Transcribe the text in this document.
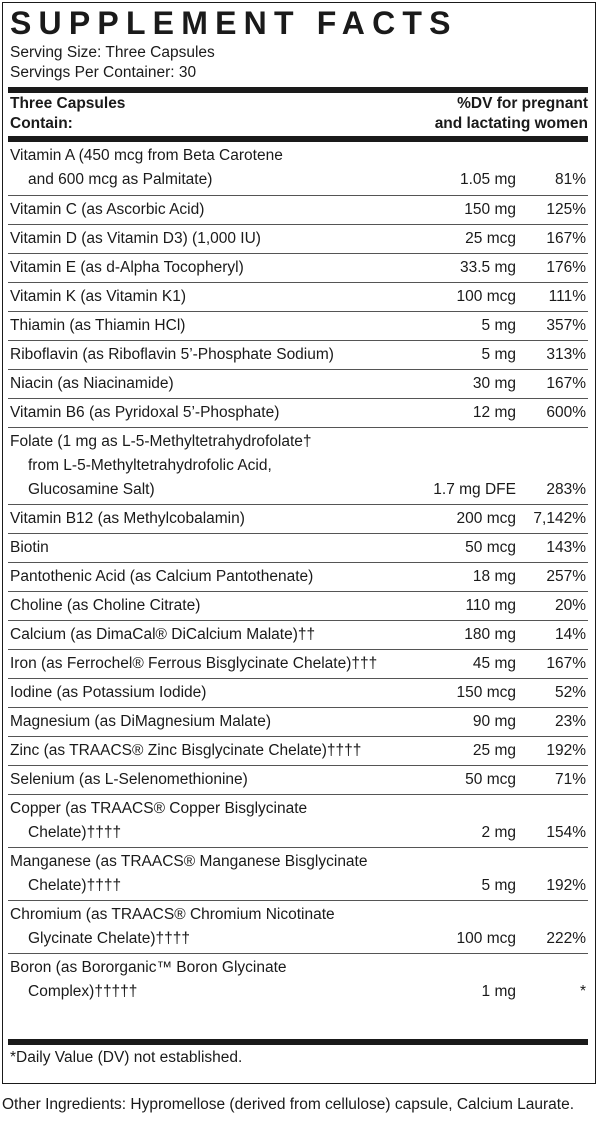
SUPPLEMENT FACTS
Serving Size: Three Capsules
Servings Per Container: 30
Three Capsules
Contain:
%DV for pregnant
and lactating women
Vitamin A (450 mcg from Beta Carotene
and 600 mcg as Palmitate)	1.05 mg	81%
Vitamin C (as Ascorbic Acid)	150 mg 125%
Vitamin D (as Vitamin D3) (1,000 IU)	25 mcg 167%
Vitamin E (as d-Alpha Tocopheryl)	33.5 mg 176%
Vitamin K (as Vitamin K1)	100 mcg 111%
Thiamin (as Thiamin HCl)	5 mg 357%
Riboflavin (as Riboflavin 5’-Phosphate Sodium)	5 mg 313%
Niacin (as Niacinamide)	30 mg 167%
Vitamin B6 (as Pyridoxal 5’-Phosphate)	12 mg 600%
Folate (1 mg as L-5-Methyltetrahydrofolate†
from L-5-Methyltetrahydrofolic Acid,
Glucosamine Salt)	1.7 mg DFE 283%
Vitamin B12 (as Methylcobalamin)	200 mcg 7,142%
Biotin	50 mcg 143%
Pantothenic Acid (as Calcium Pantothenate)	18 mg 257%
Choline (as Choline Citrate)	110 mg	20%
Calcium (as DimaCal® DiCalcium Malate)††	180 mg	14%
Iron (as Ferrochel® Ferrous Bisglycinate Chelate)†††	45 mg 167%
Iodine (as Potassium Iodide)	150 mcg	52%
Magnesium (as DiMagnesium Malate)	90 mg	23%
Zinc (as TRAACS® Zinc Bisglycinate Chelate)††††	25 mg 192%
Selenium (as L-Selenomethionine)	50 mcg	71%
Copper (as TRAACS® Copper Bisglycinate
Chelate)††††	2 mg 154%
Manganese (as TRAACS® Manganese Bisglycinate
Chelate)††††	5 mg 192%
Chromium (as TRAACS® Chromium Nicotinate
Glycinate Chelate)††††	100 mcg 222%
Boron (as Bororganic™ Boron Glycinate
Complex)†††††	1 mg	*
*Daily Value (DV) not established.
Other Ingredients: Hypromellose (derived from cellulose) capsule, Calcium Laurate.
